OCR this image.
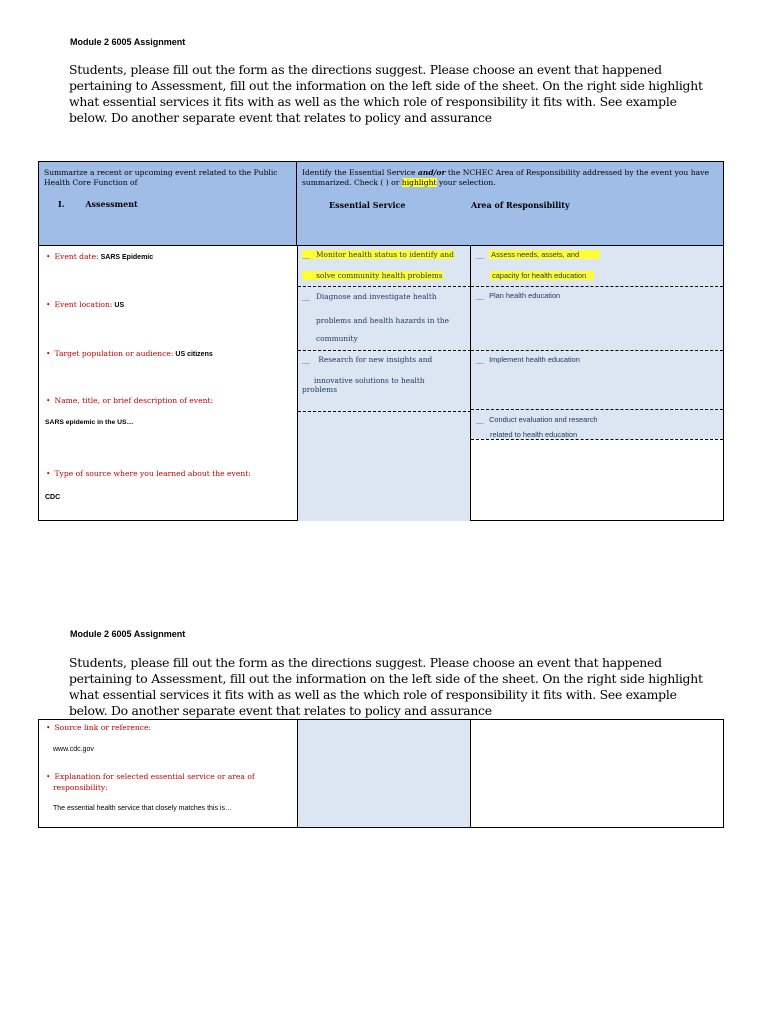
Module 2 6005 Assignment
Students, please fill out the form as the directions suggest. Please choose an event that happened pertaining to Assessment, fill out the information on the left side of the sheet. On the right side highlight what essential services it fits with as well as the which role of responsibility it fits with. See example below. Do another separate event that relates to policy and assurance
Summarize a recent or upcoming event related to the Public
Health Core Function of
I.	Assessment
Identify the Essential Service and/or the NCHEC Area of Responsibility addressed by the event you have
summarized. Check ( ) or highlight your selection.
Essential Service	Area of Responsibility
• Event date: SARS Epidemic
• Event location: US
• Target population or audience: US citizens
• Name, title, or brief description of event:
SARS epidemic in the US…
• Type of source where you learned about the event:
CDC
__ Monitor health status to identify and
solve community health problems
__ Diagnose and investigate health
problems and health hazards in the
community
__ Research for new insights and
innovative solutions to health
problems
__ Assess needs, assets, and
capacity for health education
__ Plan health education
__ Implement health education
__ Conduct evaluation and research
related to health education
Module 2 6005 Assignment
Students, please fill out the form as the directions suggest. Please choose an event that happened pertaining to Assessment, fill out the information on the left side of the sheet. On the right side highlight what essential services it fits with as well as the which role of responsibility it fits with. See example below. Do another separate event that relates to policy and assurance
• Source link or reference:
www.cdc.gov
• Explanation for selected essential service or area of
responsibility:
The essential health service that closely matches this is…
